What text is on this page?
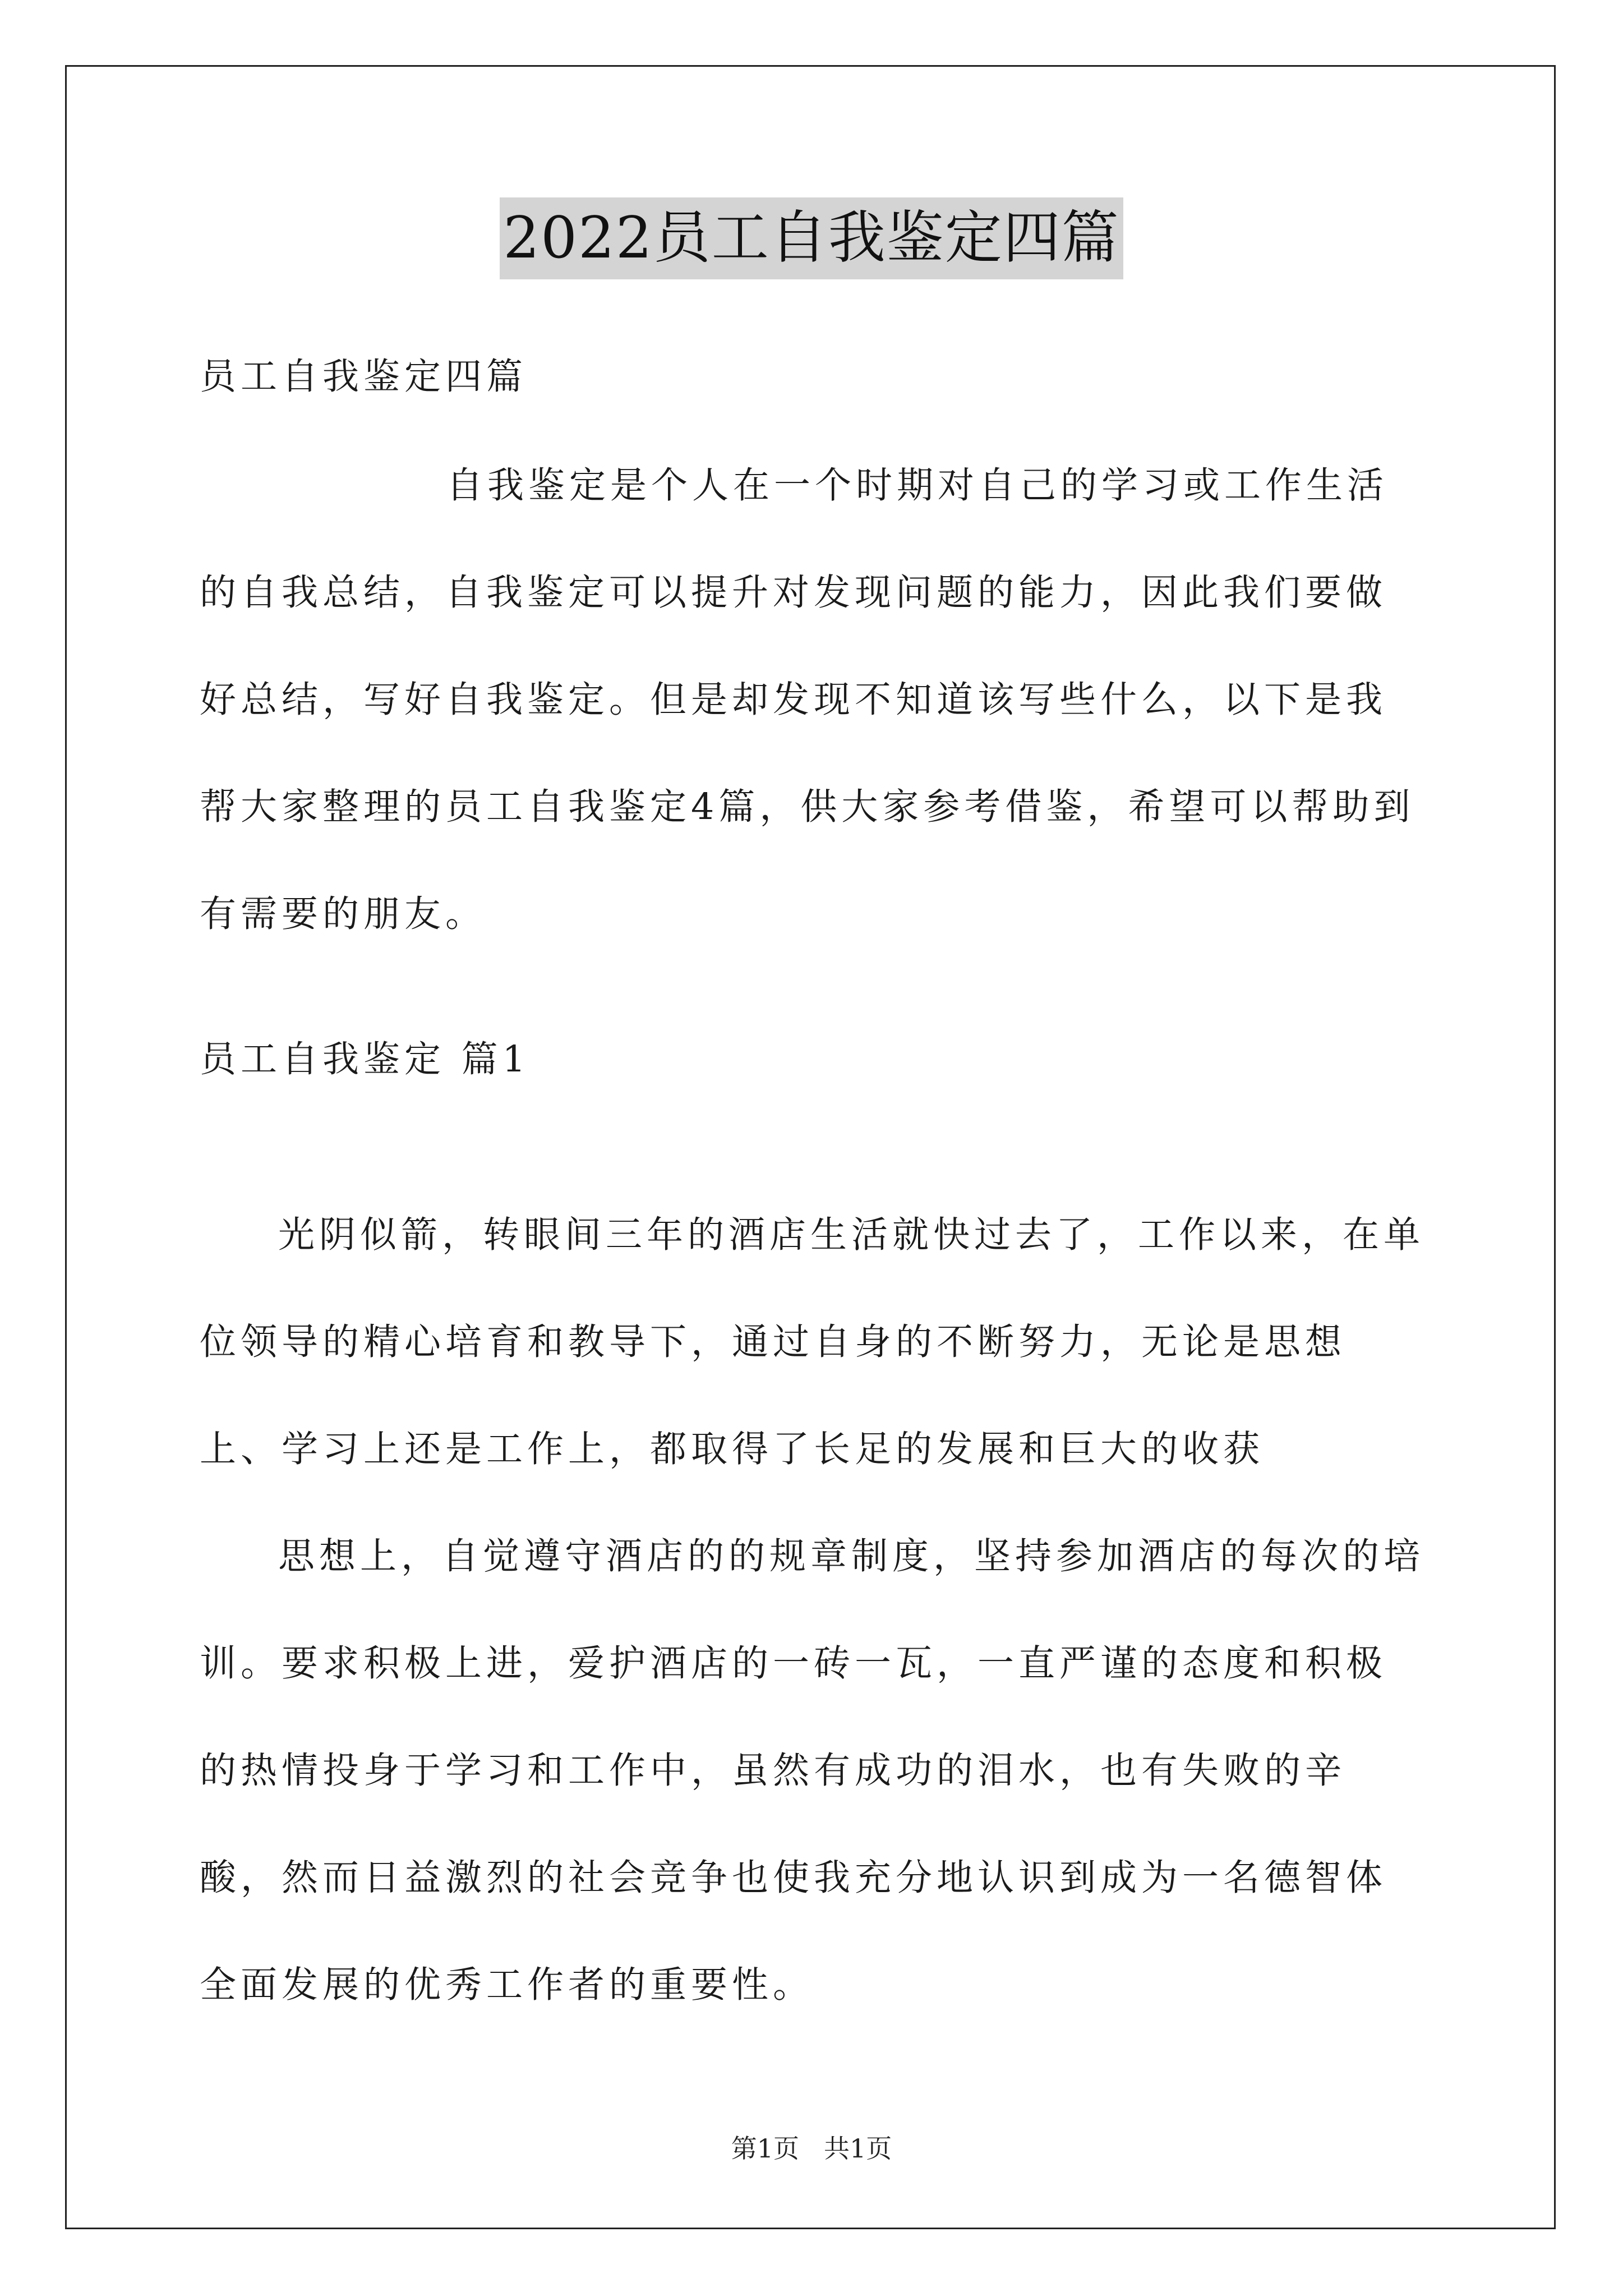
2022员工自我鉴定四篇

员工自我鉴定四篇

自我鉴定是个人在一个时期对自己的学习或工作生活的自我总结，自我鉴定可以提升对发现问题的能力，因此我们要做好总结，写好自我鉴定。但是却发现不知道该写些什么，以下是我帮大家整理的员工自我鉴定4篇，供大家参考借鉴，希望可以帮助到有需要的朋友。

员工自我鉴定 篇1

光阴似箭，转眼间三年的酒店生活就快过去了，工作以来，在单位领导的精心培育和教导下，通过自身的不断努力，无论是思想上、学习上还是工作上，都取得了长足的发展和巨大的收获

思想上，自觉遵守酒店的的规章制度，坚持参加酒店的每次的培训。要求积极上进，爱护酒店的一砖一瓦，一直严谨的态度和积极的热情投身于学习和工作中，虽然有成功的泪水，也有失败的辛酸，然而日益激烈的社会竞争也使我充分地认识到成为一名德智体全面发展的优秀工作者的重要性。

第1页 共1页
